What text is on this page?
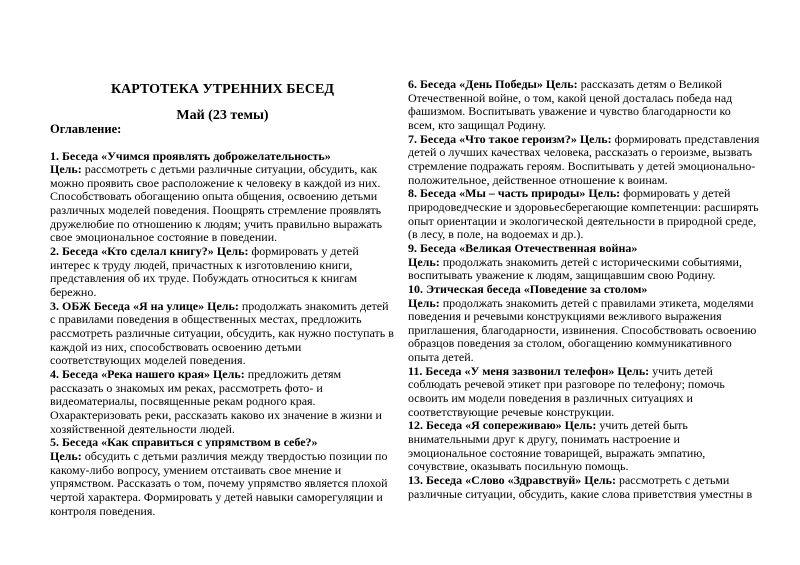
КАРТОТЕКА УТРЕННИХ БЕСЕД
Май (23 темы)

Оглавление:

1. Беседа «Учимся проявлять доброжелательность»
Цель: рассмотреть с детьми различные ситуации, обсудить, как можно проявить свое расположение к человеку в каждой из них. Способствовать обогащению опыта общения, освоению детьми различных моделей поведения. Поощрять стремление проявлять дружелюбие по отношению к людям; учить правильно выражать свое эмоциональное состояние в поведении.

2. Беседа «Кто сделал книгу?» Цель: формировать у детей интерес к труду людей, причастных к изготовлению книги, представления об их труде. Побуждать относиться к книгам бережно.

3. ОБЖ Беседа «Я на улице» Цель: продолжать знакомить детей с правилами поведения в общественных местах, предложить рассмотреть различные ситуации, обсудить, как нужно поступать в каждой из них, способствовать освоению детьми соответствующих моделей поведения.

4. Беседа «Река нашего края» Цель: предложить детям рассказать о знакомых им реках, рассмотреть фото- и видеоматериалы, посвященные рекам родного края. Охарактеризовать реки, рассказать каково их значение в жизни и хозяйственной деятельности людей.

5. Беседа «Как справиться с упрямством в себе?»
Цель: обсудить с детьми различия между твердостью позиции по какому-либо вопросу, умением отстаивать свое мнение и упрямством. Рассказать о том, почему упрямство является плохой чертой характера. Формировать у детей навыки саморегуляции и контроля поведения.

6. Беседа «День Победы» Цель: рассказать детям о Великой Отечественной войне, о том, какой ценой досталась победа над фашизмом. Воспитывать уважение и чувство благодарности ко всем, кто защищал Родину.

7. Беседа «Что такое героизм?» Цель: формировать представления детей о лучших качествах человека, рассказать о героизме, вызвать стремление подражать героям. Воспитывать у детей эмоционально-положительное, действенное отношение к воинам.

8. Беседа «Мы – часть природы» Цель: формировать у детей природоведческие и здоровьесберегающие компетенции: расширять опыт ориентации и экологической деятельности в природной среде, (в лесу, в поле, на водоемах и др.).

9. Беседа «Великая Отечественная война»
Цель: продолжать знакомить детей с историческими событиями, воспитывать уважение к людям, защищавшим свою Родину.

10. Этическая беседа «Поведение за столом»
Цель: продолжать знакомить детей с правилами этикета, моделями поведения и речевыми конструкциями вежливого выражения приглашения, благодарности, извинения. Способствовать освоению образцов поведения за столом, обогащению коммуникативного опыта детей.

11. Беседа «У меня зазвонил телефон» Цель: учить детей соблюдать речевой этикет при разговоре по телефону; помочь освоить им модели поведения в различных ситуациях и соответствующие речевые конструкции.

12. Беседа «Я сопереживаю» Цель: учить детей быть внимательными друг к другу, понимать настроение и эмоциональное состояние товарищей, выражать эмпатию, сочувствие, оказывать посильную помощь.

13. Беседа «Слово «Здравствуй» Цель: рассмотреть с детьми различные ситуации, обсудить, какие слова приветствия уместны в
